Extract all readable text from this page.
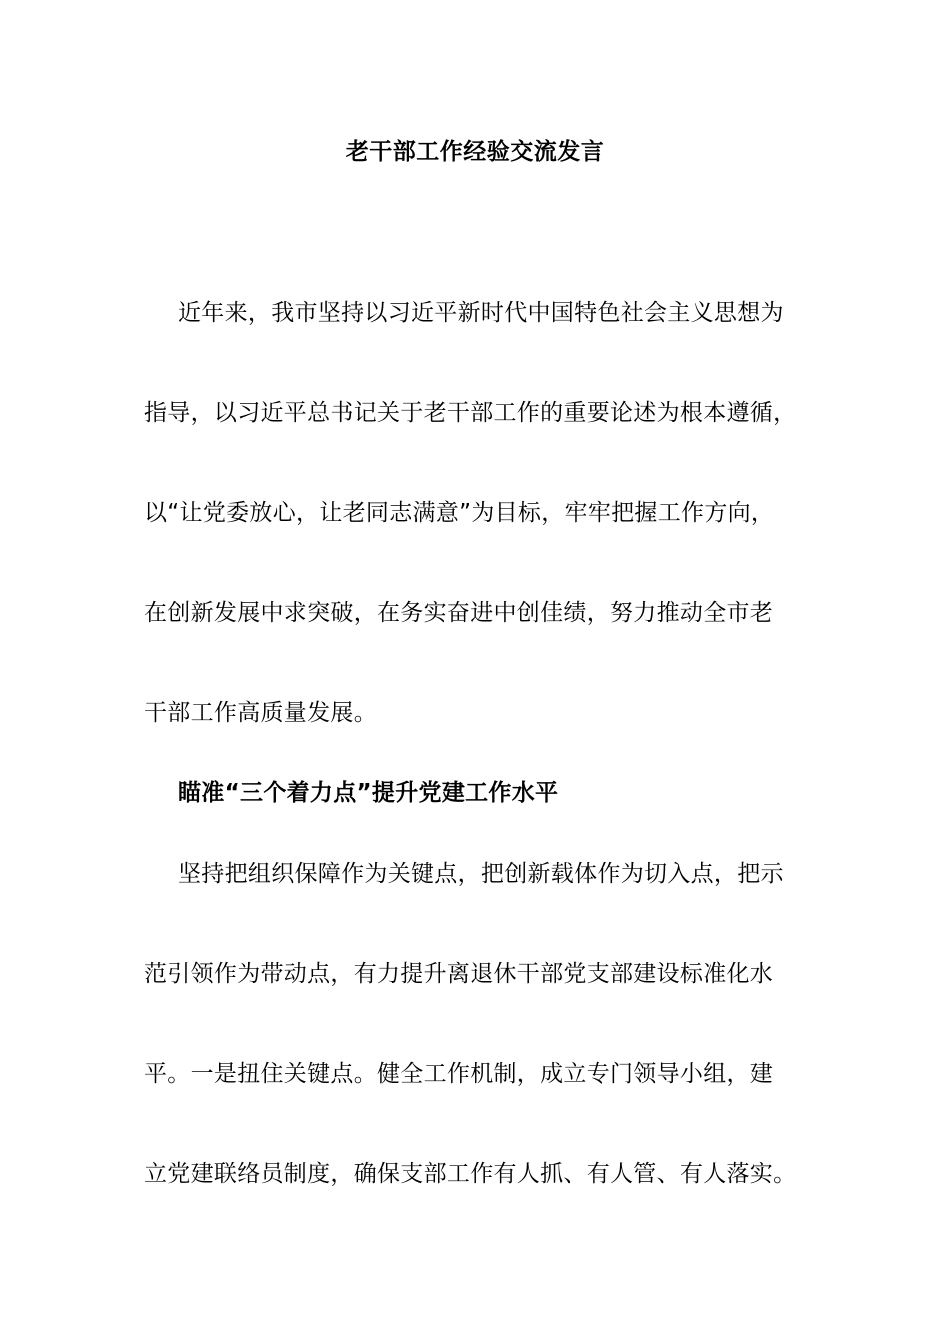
老干部工作经验交流发言
近年来，我市坚持以习近平新时代中国特色社会主义思想为
指导，以习近平总书记关于老干部工作的重要论述为根本遵循，
以“让党委放心，让老同志满意”为目标，牢牢把握工作方向，
在创新发展中求突破，在务实奋进中创佳绩，努力推动全市老
干部工作高质量发展。
瞄准“三个着力点”提升党建工作水平
坚持把组织保障作为关键点，把创新载体作为切入点，把示
范引领作为带动点，有力提升离退休干部党支部建设标准化水
平。一是扭住关键点。健全工作机制，成立专门领导小组，建
立党建联络员制度，确保支部工作有人抓、有人管、有人落实。
